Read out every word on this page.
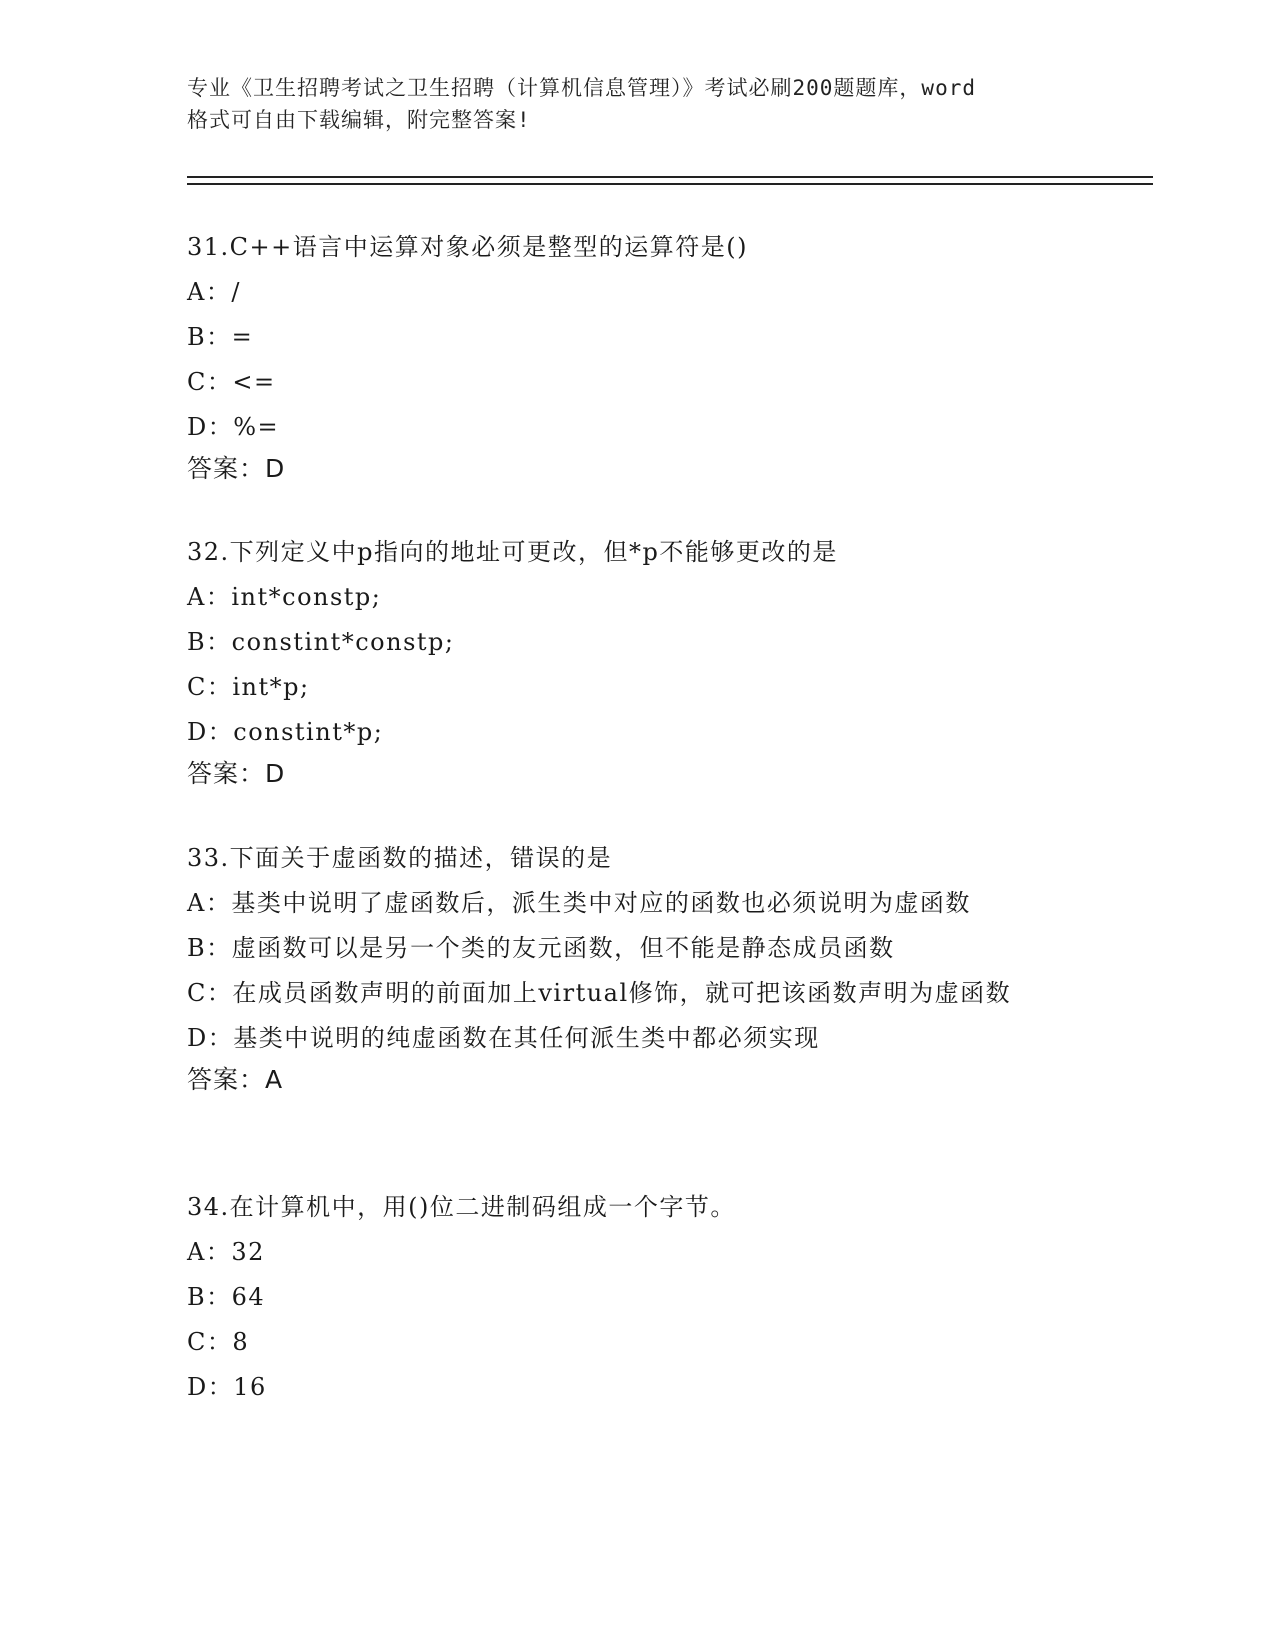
专业《卫生招聘考试之卫生招聘（计算机信息管理）》考试必刷200题题库，word

格式可自由下载编辑，附完整答案!

31.C++语言中运算对象必须是整型的运算符是()
A：/
B：=
C：<=
D：%=
答案：D
32.下列定义中p指向的地址可更改，但*p不能够更改的是
A：int*constp;
B：constint*constp;
C：int*p;
D：constint*p;
答案：D
33.下面关于虚函数的描述，错误的是
A：基类中说明了虚函数后，派生类中对应的函数也必须说明为虚函数
B：虚函数可以是另一个类的友元函数，但不能是静态成员函数
C：在成员函数声明的前面加上virtual修饰，就可把该函数声明为虚函数
D：基类中说明的纯虚函数在其任何派生类中都必须实现
答案：A
34.在计算机中，用()位二进制码组成一个字节。
A：32
B：64
C：8
D：16
